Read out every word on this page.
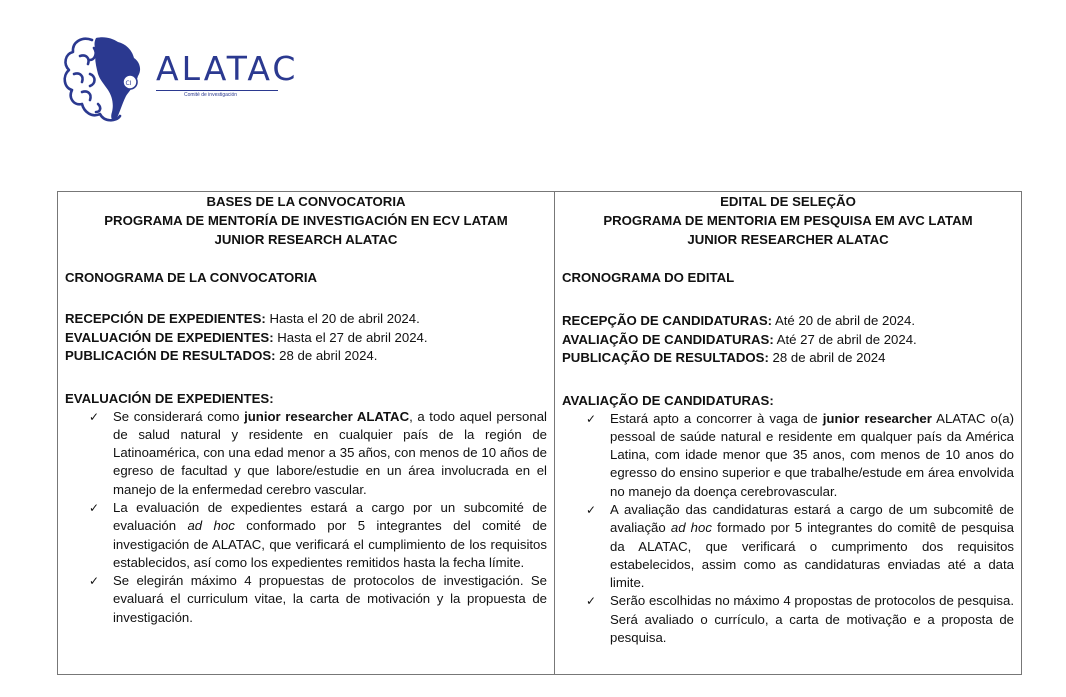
CI ALATAC
Comité de investigación
BASES DE LA CONVOCATORIA
PROGRAMA DE MENTORÍA DE INVESTIGACIÓN EN ECV LATAM
JUNIOR RESEARCH ALATAC
CRONOGRAMA DE LA CONVOCATORIA
RECEPCIÓN DE EXPEDIENTES: Hasta el 20 de abril 2024.
EVALUACIÓN DE EXPEDIENTES: Hasta el 27 de abril 2024.
PUBLICACIÓN DE RESULTADOS: 28 de abril 2024.
EVALUACIÓN DE EXPEDIENTES:
✓ Se considerará como junior researcher ALATAC, a todo aquel personal de salud natural y residente en cualquier país de la región de Latinoamérica, con una edad menor a 35 años, con menos de 10 años de egreso de facultad y que labore/estudie en un área involucrada en el manejo de la enfermedad cerebro vascular.
✓ La evaluación de expedientes estará a cargo por un subcomité de evaluación ad hoc conformado por 5 integrantes del comité de investigación de ALATAC, que verificará el cumplimiento de los requisitos establecidos, así como los expedientes remitidos hasta la fecha límite.
✓ Se elegirán máximo 4 propuestas de protocolos de investigación. Se evaluará el curriculum vitae, la carta de motivación y la propuesta de investigación.

EDITAL DE SELEÇÃO
PROGRAMA DE MENTORIA EM PESQUISA EM AVC LATAM
JUNIOR RESEARCHER ALATAC
CRONOGRAMA DO EDITAL
RECEPÇÃO DE CANDIDATURAS: Até 20 de abril de 2024.
AVALIAÇÃO DE CANDIDATURAS: Até 27 de abril de 2024.
PUBLICAÇÃO DE RESULTADOS: 28 de abril de 2024
AVALIAÇÃO DE CANDIDATURAS:
✓ Estará apto a concorrer à vaga de junior researcher ALATAC o(a) pessoal de saúde natural e residente em qualquer país da América Latina, com idade menor que 35 anos, com menos de 10 anos do egresso do ensino superior e que trabalhe/estude em área envolvida no manejo da doença cerebrovascular.
✓ A avaliação das candidaturas estará a cargo de um subcomitê de avaliação ad hoc formado por 5 integrantes do comitê de pesquisa da ALATAC, que verificará o cumprimento dos requisitos estabelecidos, assim como as candidaturas enviadas até a data limite.
✓ Serão escolhidas no máximo 4 propostas de protocolos de pesquisa. Será avaliado o currículo, a carta de motivação e a proposta de pesquisa.
